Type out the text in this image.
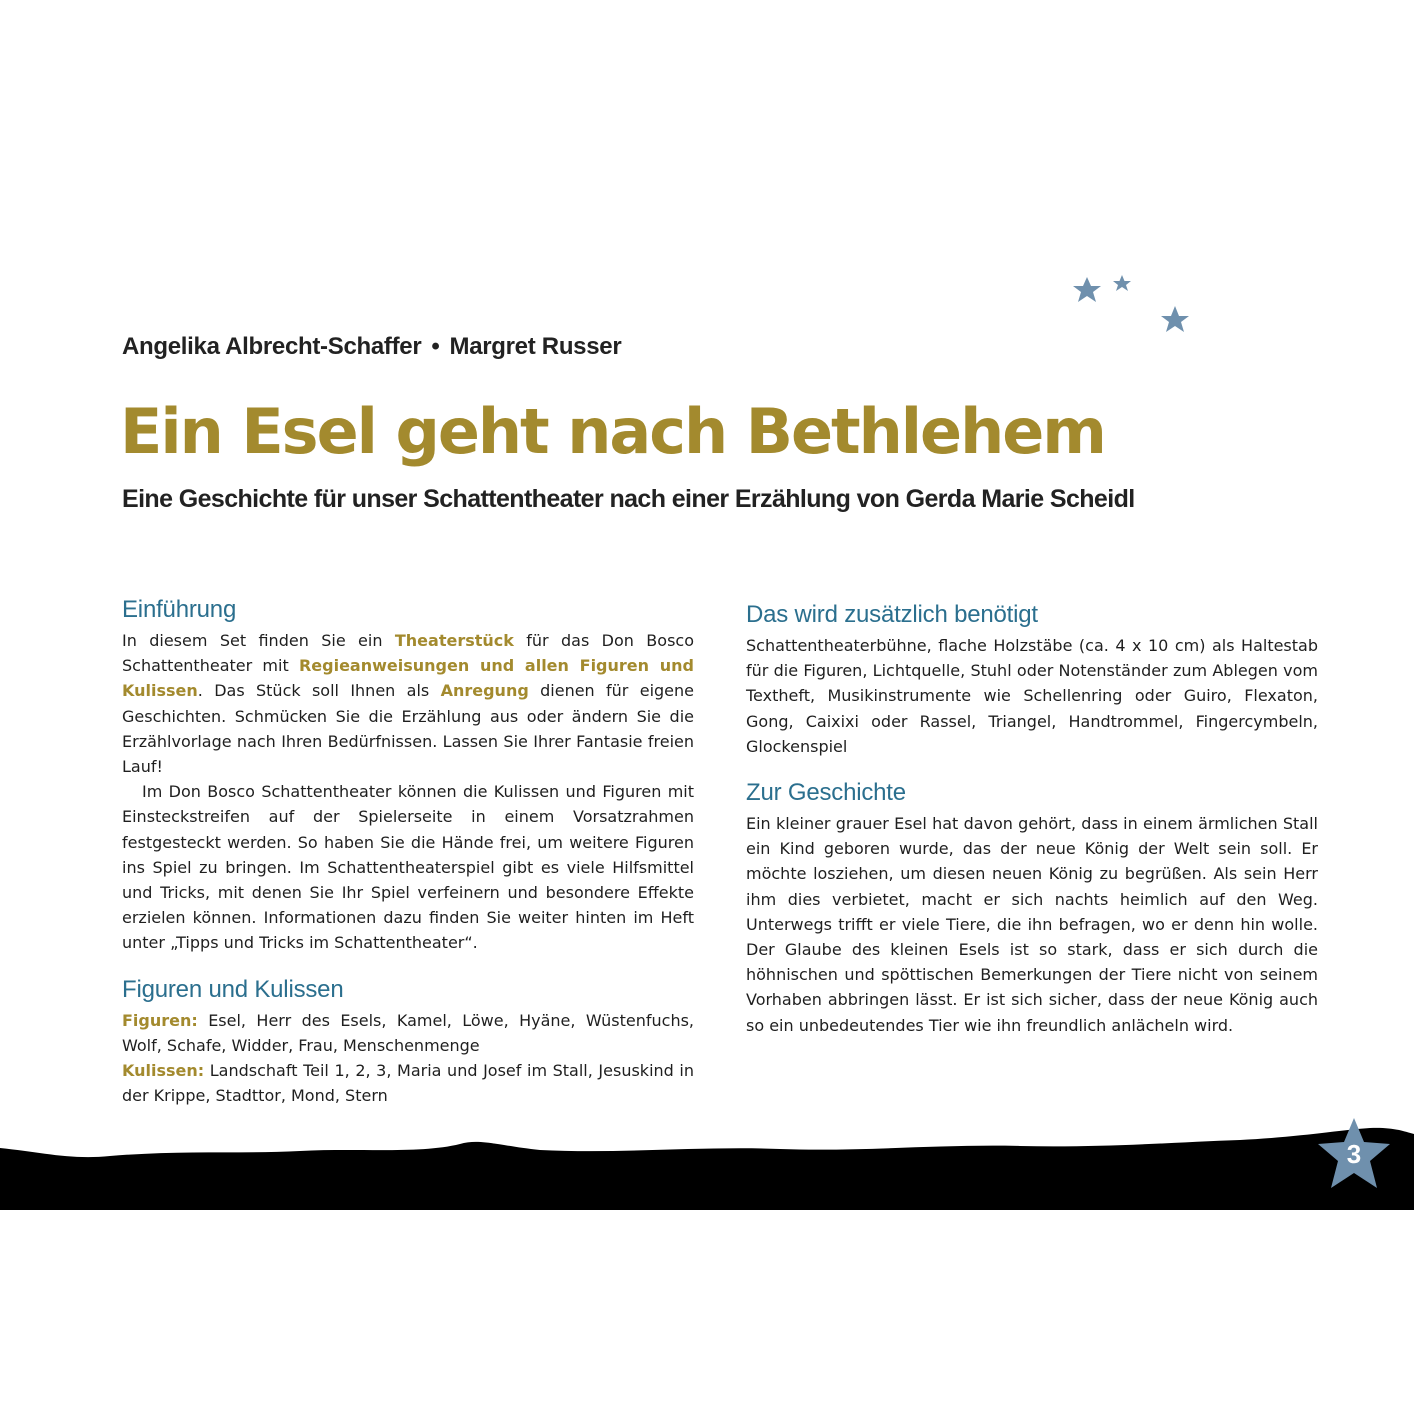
Angelika Albrecht-Schaffer • Margret Russer
Ein Esel geht nach Bethlehem
Eine Geschichte für unser Schattentheater nach einer Erzählung von Gerda Marie Scheidl
Einführung

In diesem Set finden Sie ein Theaterstück für das Don Bosco Schattentheater mit Regieanweisungen und allen Figuren und Kulissen. Das Stück soll Ihnen als Anregung dienen für eigene Geschichten. Schmücken Sie die Erzählung aus oder ändern Sie die Erzählvorlage nach Ihren Bedürfnissen. Lassen Sie Ihrer Fantasie freien Lauf!

Im Don Bosco Schattentheater können die Kulissen und Figuren mit Einsteckstreifen auf der Spielerseite in einem Vorsatzrahmen festgesteckt werden. So haben Sie die Hände frei, um weitere Figuren ins Spiel zu bringen. Im Schattentheaterspiel gibt es viele Hilfsmittel und Tricks, mit denen Sie Ihr Spiel verfeinern und besondere Effekte erzielen können. Informationen dazu finden Sie weiter hinten im Heft unter „Tipps und Tricks im Schattentheater“.

Figuren und Kulissen

Figuren: Esel, Herr des Esels, Kamel, Löwe, Hyäne, Wüstenfuchs, Wolf, Schafe, Widder, Frau, Menschenmenge
Kulissen: Landschaft Teil 1, 2, 3, Maria und Josef im Stall, Jesuskind in der Krippe, Stadttor, Mond, Stern

Das wird zusätzlich benötigt

Schattentheaterbühne, flache Holzstäbe (ca. 4 x 10 cm) als Haltestab für die Figuren, Lichtquelle, Stuhl oder Notenständer zum Ablegen vom Textheft, Musikinstrumente wie Schellenring oder Guiro, Flexaton, Gong, Caixixi oder Rassel, Triangel, Handtrommel, Fingercymbeln, Glockenspiel

Zur Geschichte

Ein kleiner grauer Esel hat davon gehört, dass in einem ärmlichen Stall ein Kind geboren wurde, das der neue König der Welt sein soll. Er möchte losziehen, um diesen neuen König zu begrüßen. Als sein Herr ihm dies verbietet, macht er sich nachts heimlich auf den Weg. Unterwegs trifft er viele Tiere, die ihn befragen, wo er denn hin wolle. Der Glaube des kleinen Esels ist so stark, dass er sich durch die höhnischen und spöttischen Bemerkungen der Tiere nicht von seinem Vorhaben abbringen lässt. Er ist sich sicher, dass der neue König auch so ein unbedeutendes Tier wie ihn freundlich anlächeln wird.

3
